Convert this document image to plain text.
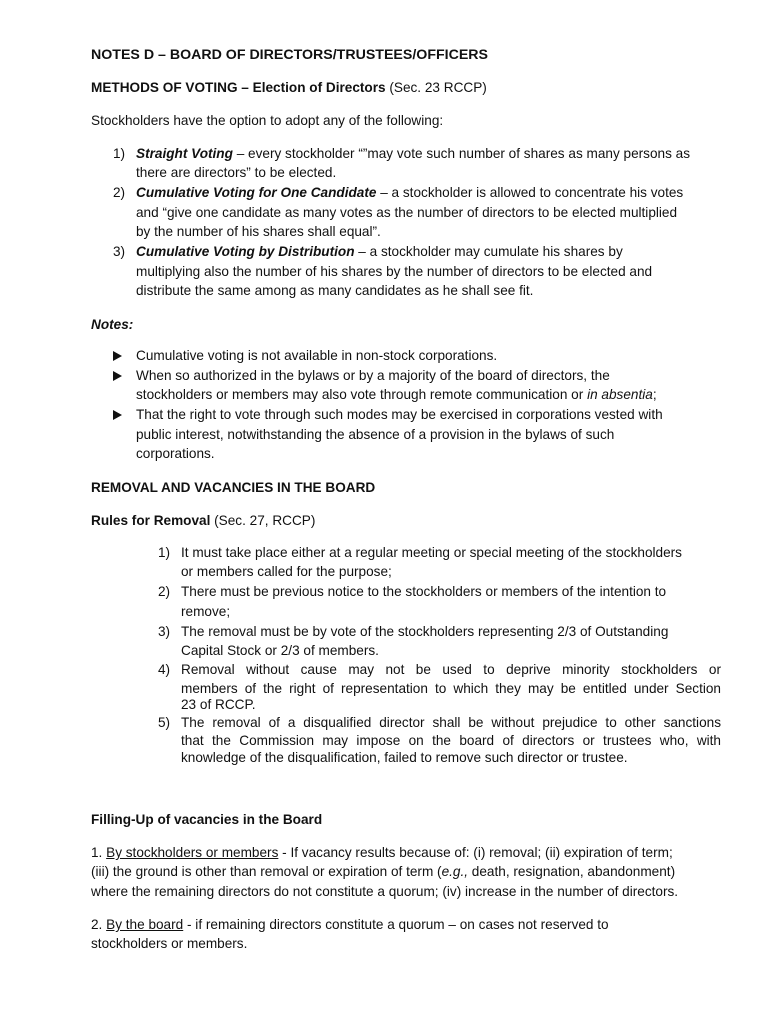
NOTES D – BOARD OF DIRECTORS/TRUSTEES/OFFICERS
METHODS OF VOTING – Election of Directors (Sec. 23 RCCP)
Stockholders have the option to adopt any of the following:
1) Straight Voting – every stockholder “”may vote such number of shares as many persons as
there are directors” to be elected.
2) Cumulative Voting for One Candidate – a stockholder is allowed to concentrate his votes
and “give one candidate as many votes as the number of directors to be elected multiplied
by the number of his shares shall equal”.
3) Cumulative Voting by Distribution – a stockholder may cumulate his shares by
multiplying also the number of his shares by the number of directors to be elected and
distribute the same among as many candidates as he shall see fit.
Notes:
Cumulative voting is not available in non-stock corporations.
When so authorized in the bylaws or by a majority of the board of directors, the
stockholders or members may also vote through remote communication or in absentia;
That the right to vote through such modes may be exercised in corporations vested with
public interest, notwithstanding the absence of a provision in the bylaws of such
corporations.
REMOVAL AND VACANCIES IN THE BOARD
Rules for Removal (Sec. 27, RCCP)
1) It must take place either at a regular meeting or special meeting of the stockholders
or members called for the purpose;
2) There must be previous notice to the stockholders or members of the intention to
remove;
3) The removal must be by vote of the stockholders representing 2/3 of Outstanding
Capital Stock or 2/3 of members.
4) Removal without cause may not be used to deprive minority stockholders or
members of the right of representation to which they may be entitled under Section
23 of RCCP.
5) The removal of a disqualified director shall be without prejudice to other sanctions
that the Commission may impose on the board of directors or trustees who, with
knowledge of the disqualification, failed to remove such director or trustee.
Filling-Up of vacancies in the Board
1. By stockholders or members - If vacancy results because of: (i) removal; (ii) expiration of term;
(iii) the ground is other than removal or expiration of term (e.g., death, resignation, abandonment)
where the remaining directors do not constitute a quorum; (iv) increase in the number of directors.
2. By the board - if remaining directors constitute a quorum – on cases not reserved to
stockholders or members.
